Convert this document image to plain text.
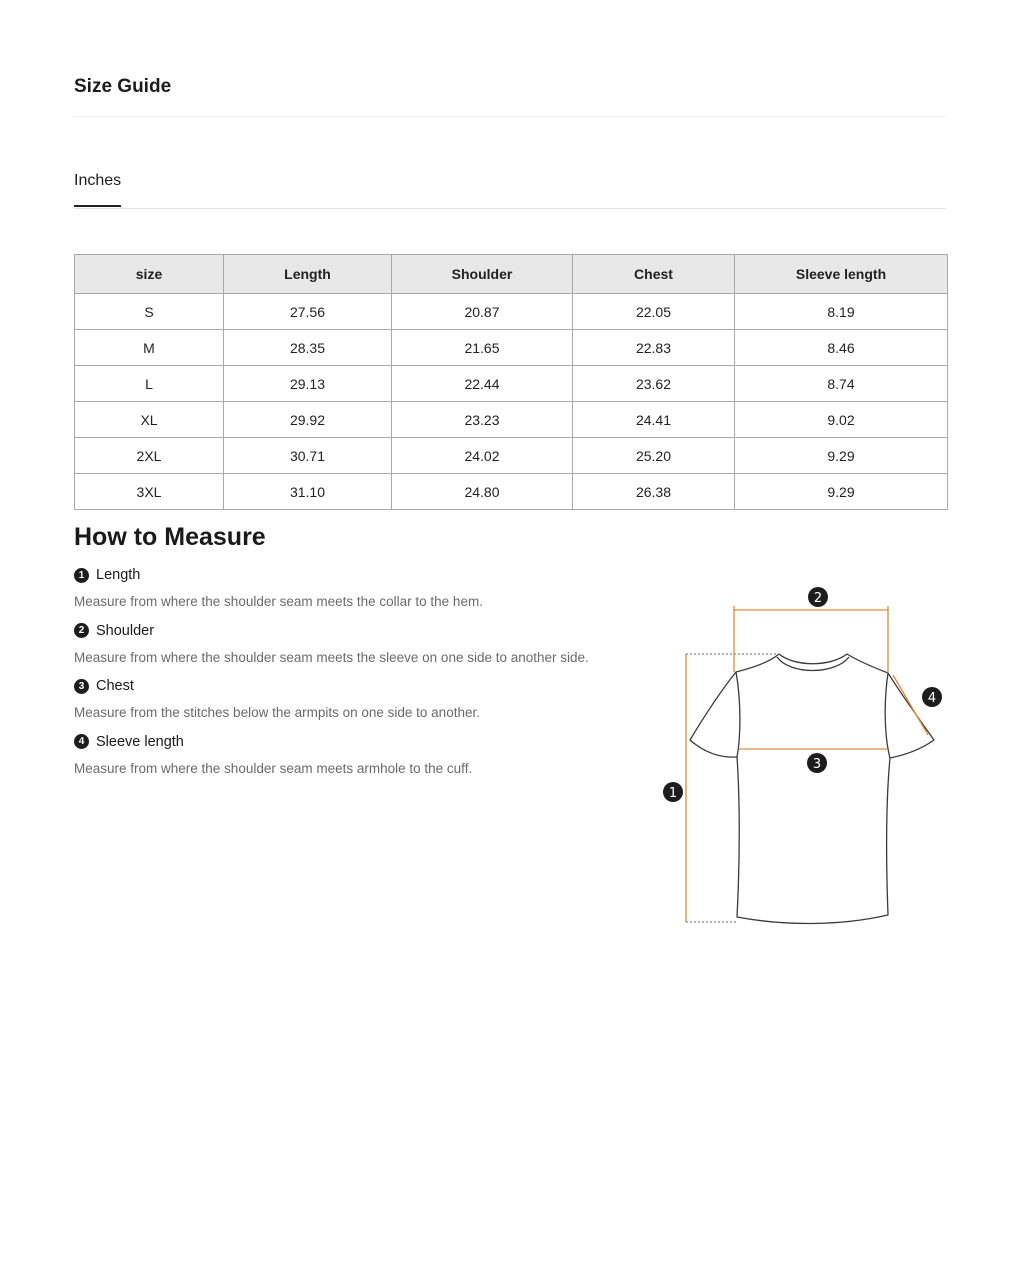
Size Guide
Inches
size	Length	Shoulder	Chest	Sleeve length
S	27.56	20.87	22.05	8.19
M	28.35	21.65	22.83	8.46
L	29.13	22.44	23.62	8.74
XL	29.92	23.23	24.41	9.02
2XL	30.71	24.02	25.20	9.29
3XL	31.10	24.80	26.38	9.29
How to Measure
1 Length
Measure from where the shoulder seam meets the collar to the hem.
2 Shoulder
Measure from where the shoulder seam meets the sleeve on one side to another side.
3 Chest
Measure from the stitches below the armpits on one side to another.
4 Sleeve length
Measure from where the shoulder seam meets armhole to the cuff.
1
2
3
4
